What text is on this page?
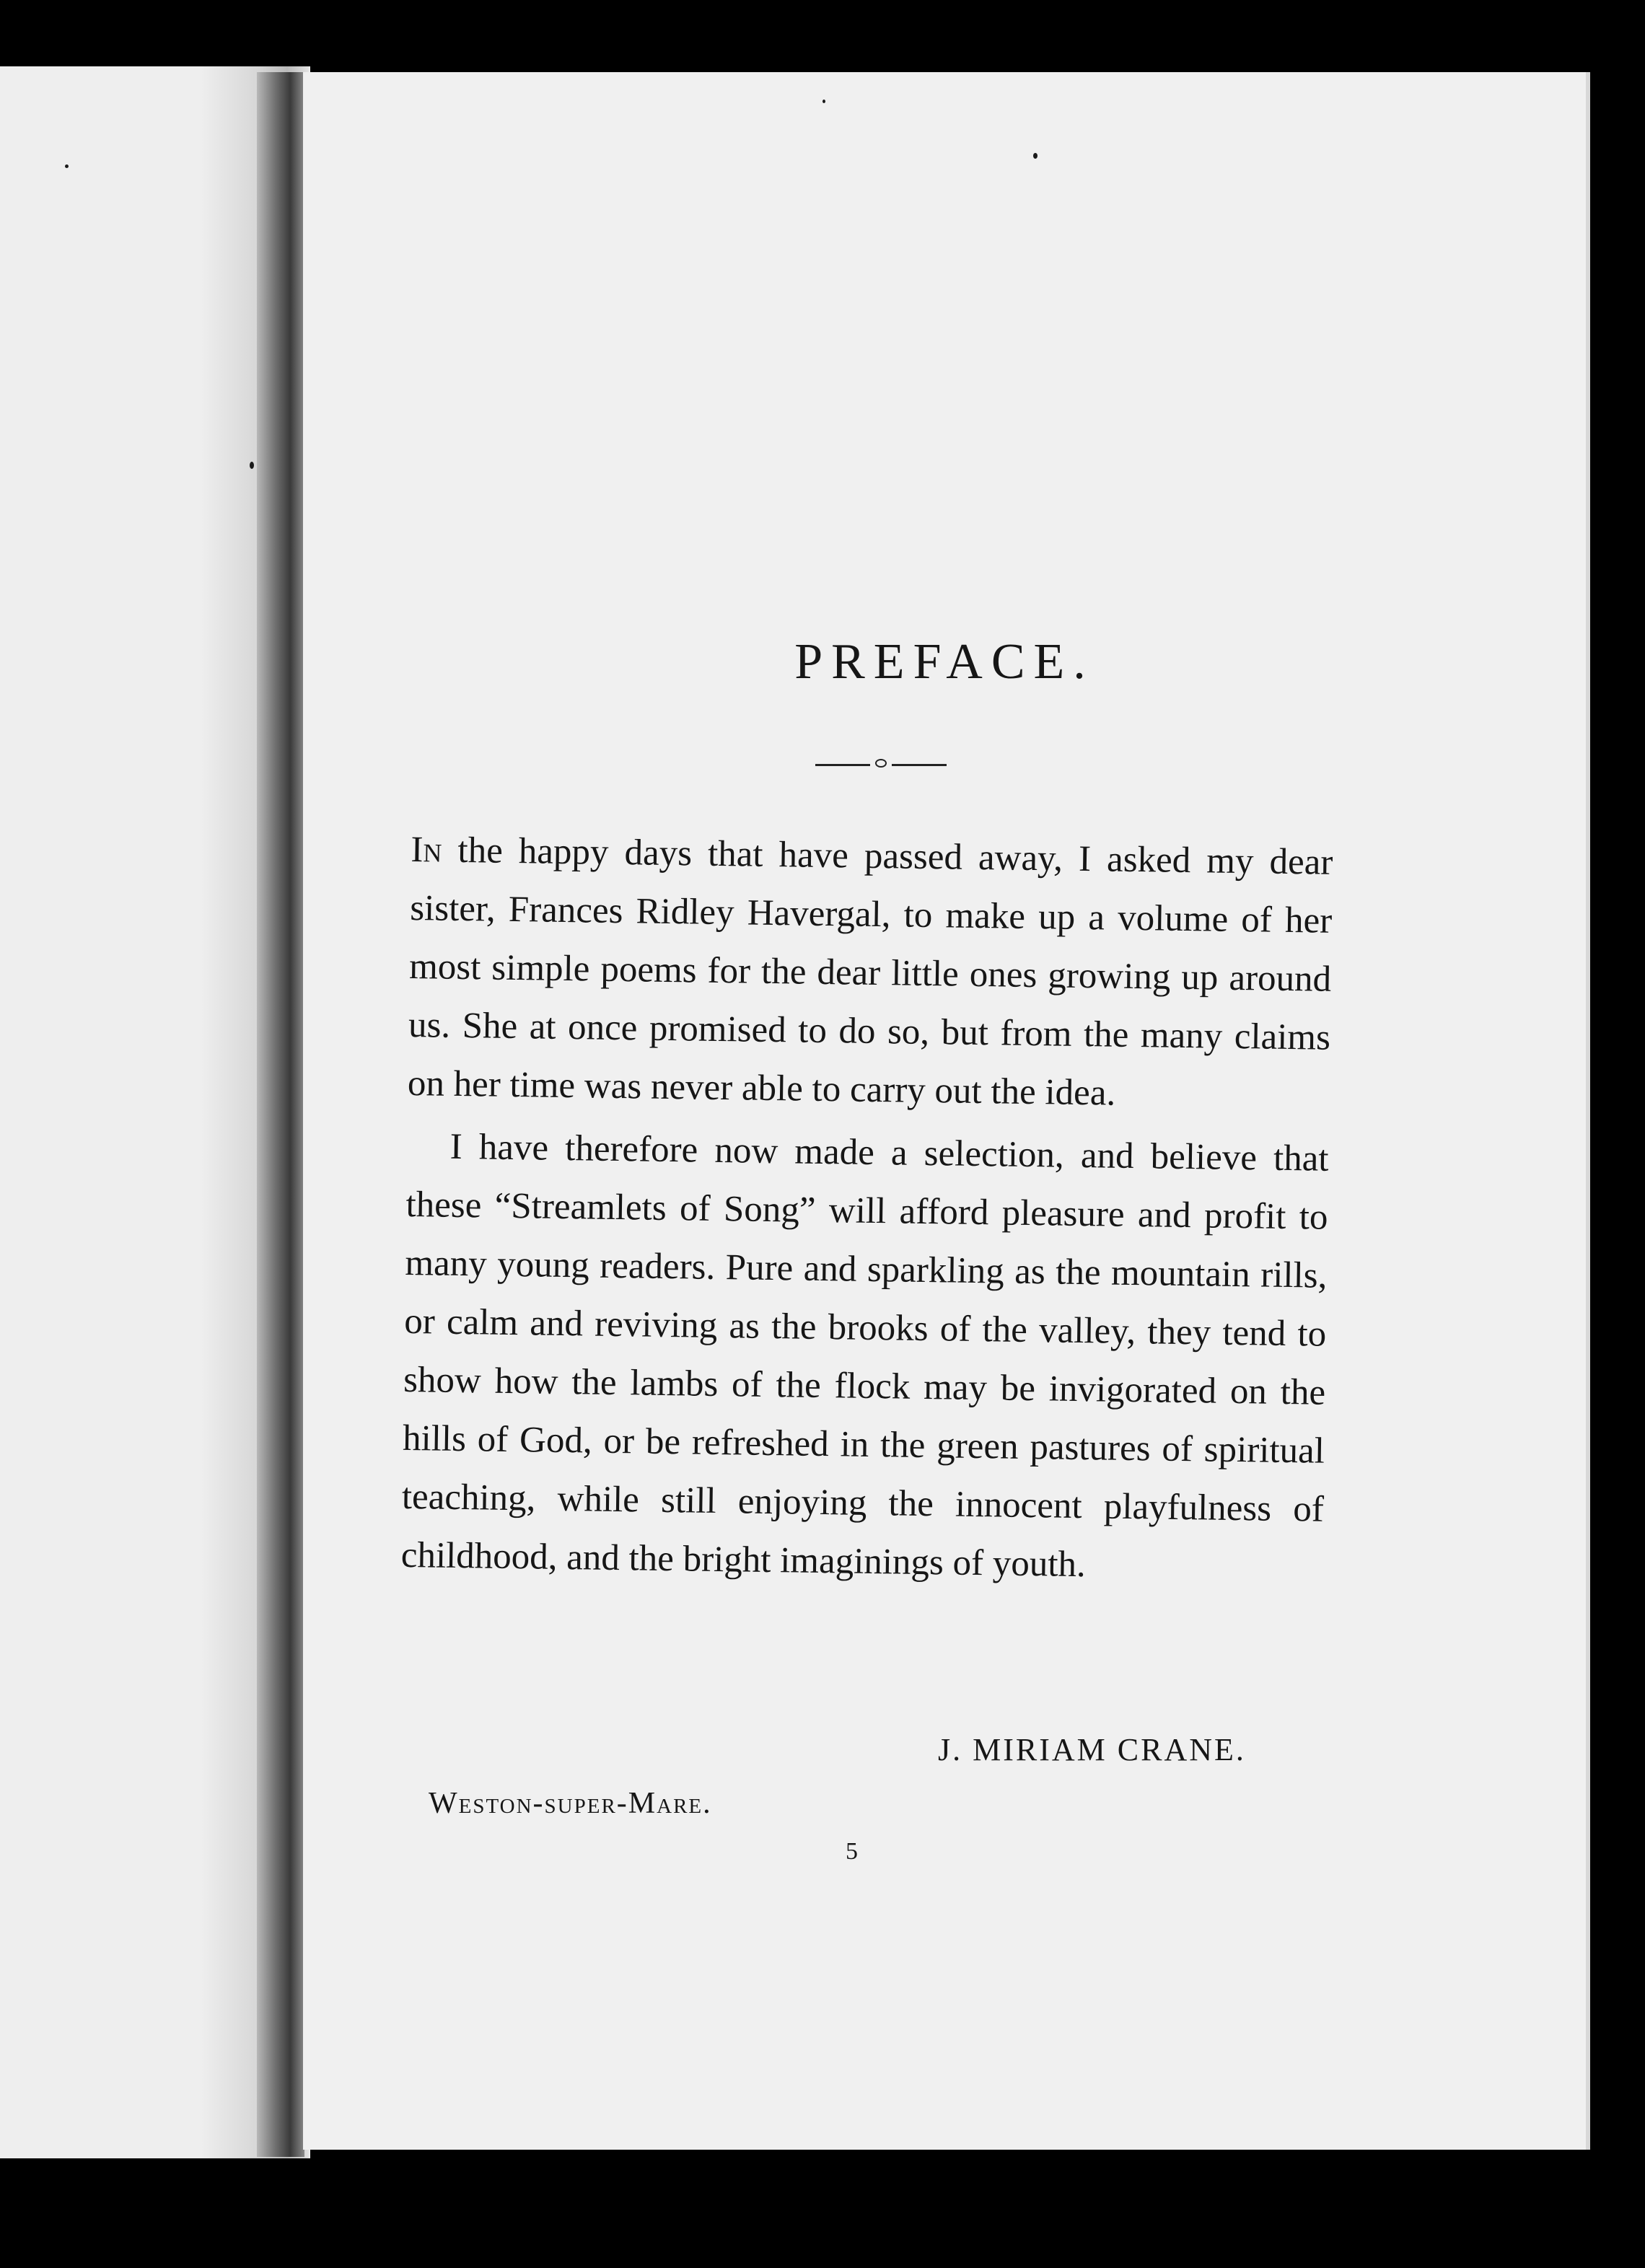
PREFACE.

In the happy days that have passed away, I asked my dear sister, Frances Ridley Havergal, to make up a volume of her most simple poems for the dear little ones growing up around us. She at once promised to do so, but from the many claims on her time was never able to carry out the idea.

I have therefore now made a selection, and believe that these “Streamlets of Song” will afford pleasure and profit to many young readers. Pure and sparkling as the mountain rills, or calm and reviving as the brooks of the valley, they tend to show how the lambs of the flock may be invigorated on the hills of God, or be refreshed in the green pastures of spiritual teaching, while still enjoying the innocent playfulness of childhood, and the bright imaginings of youth.

J. MIRIAM CRANE.
Weston-super-Mare.
5
